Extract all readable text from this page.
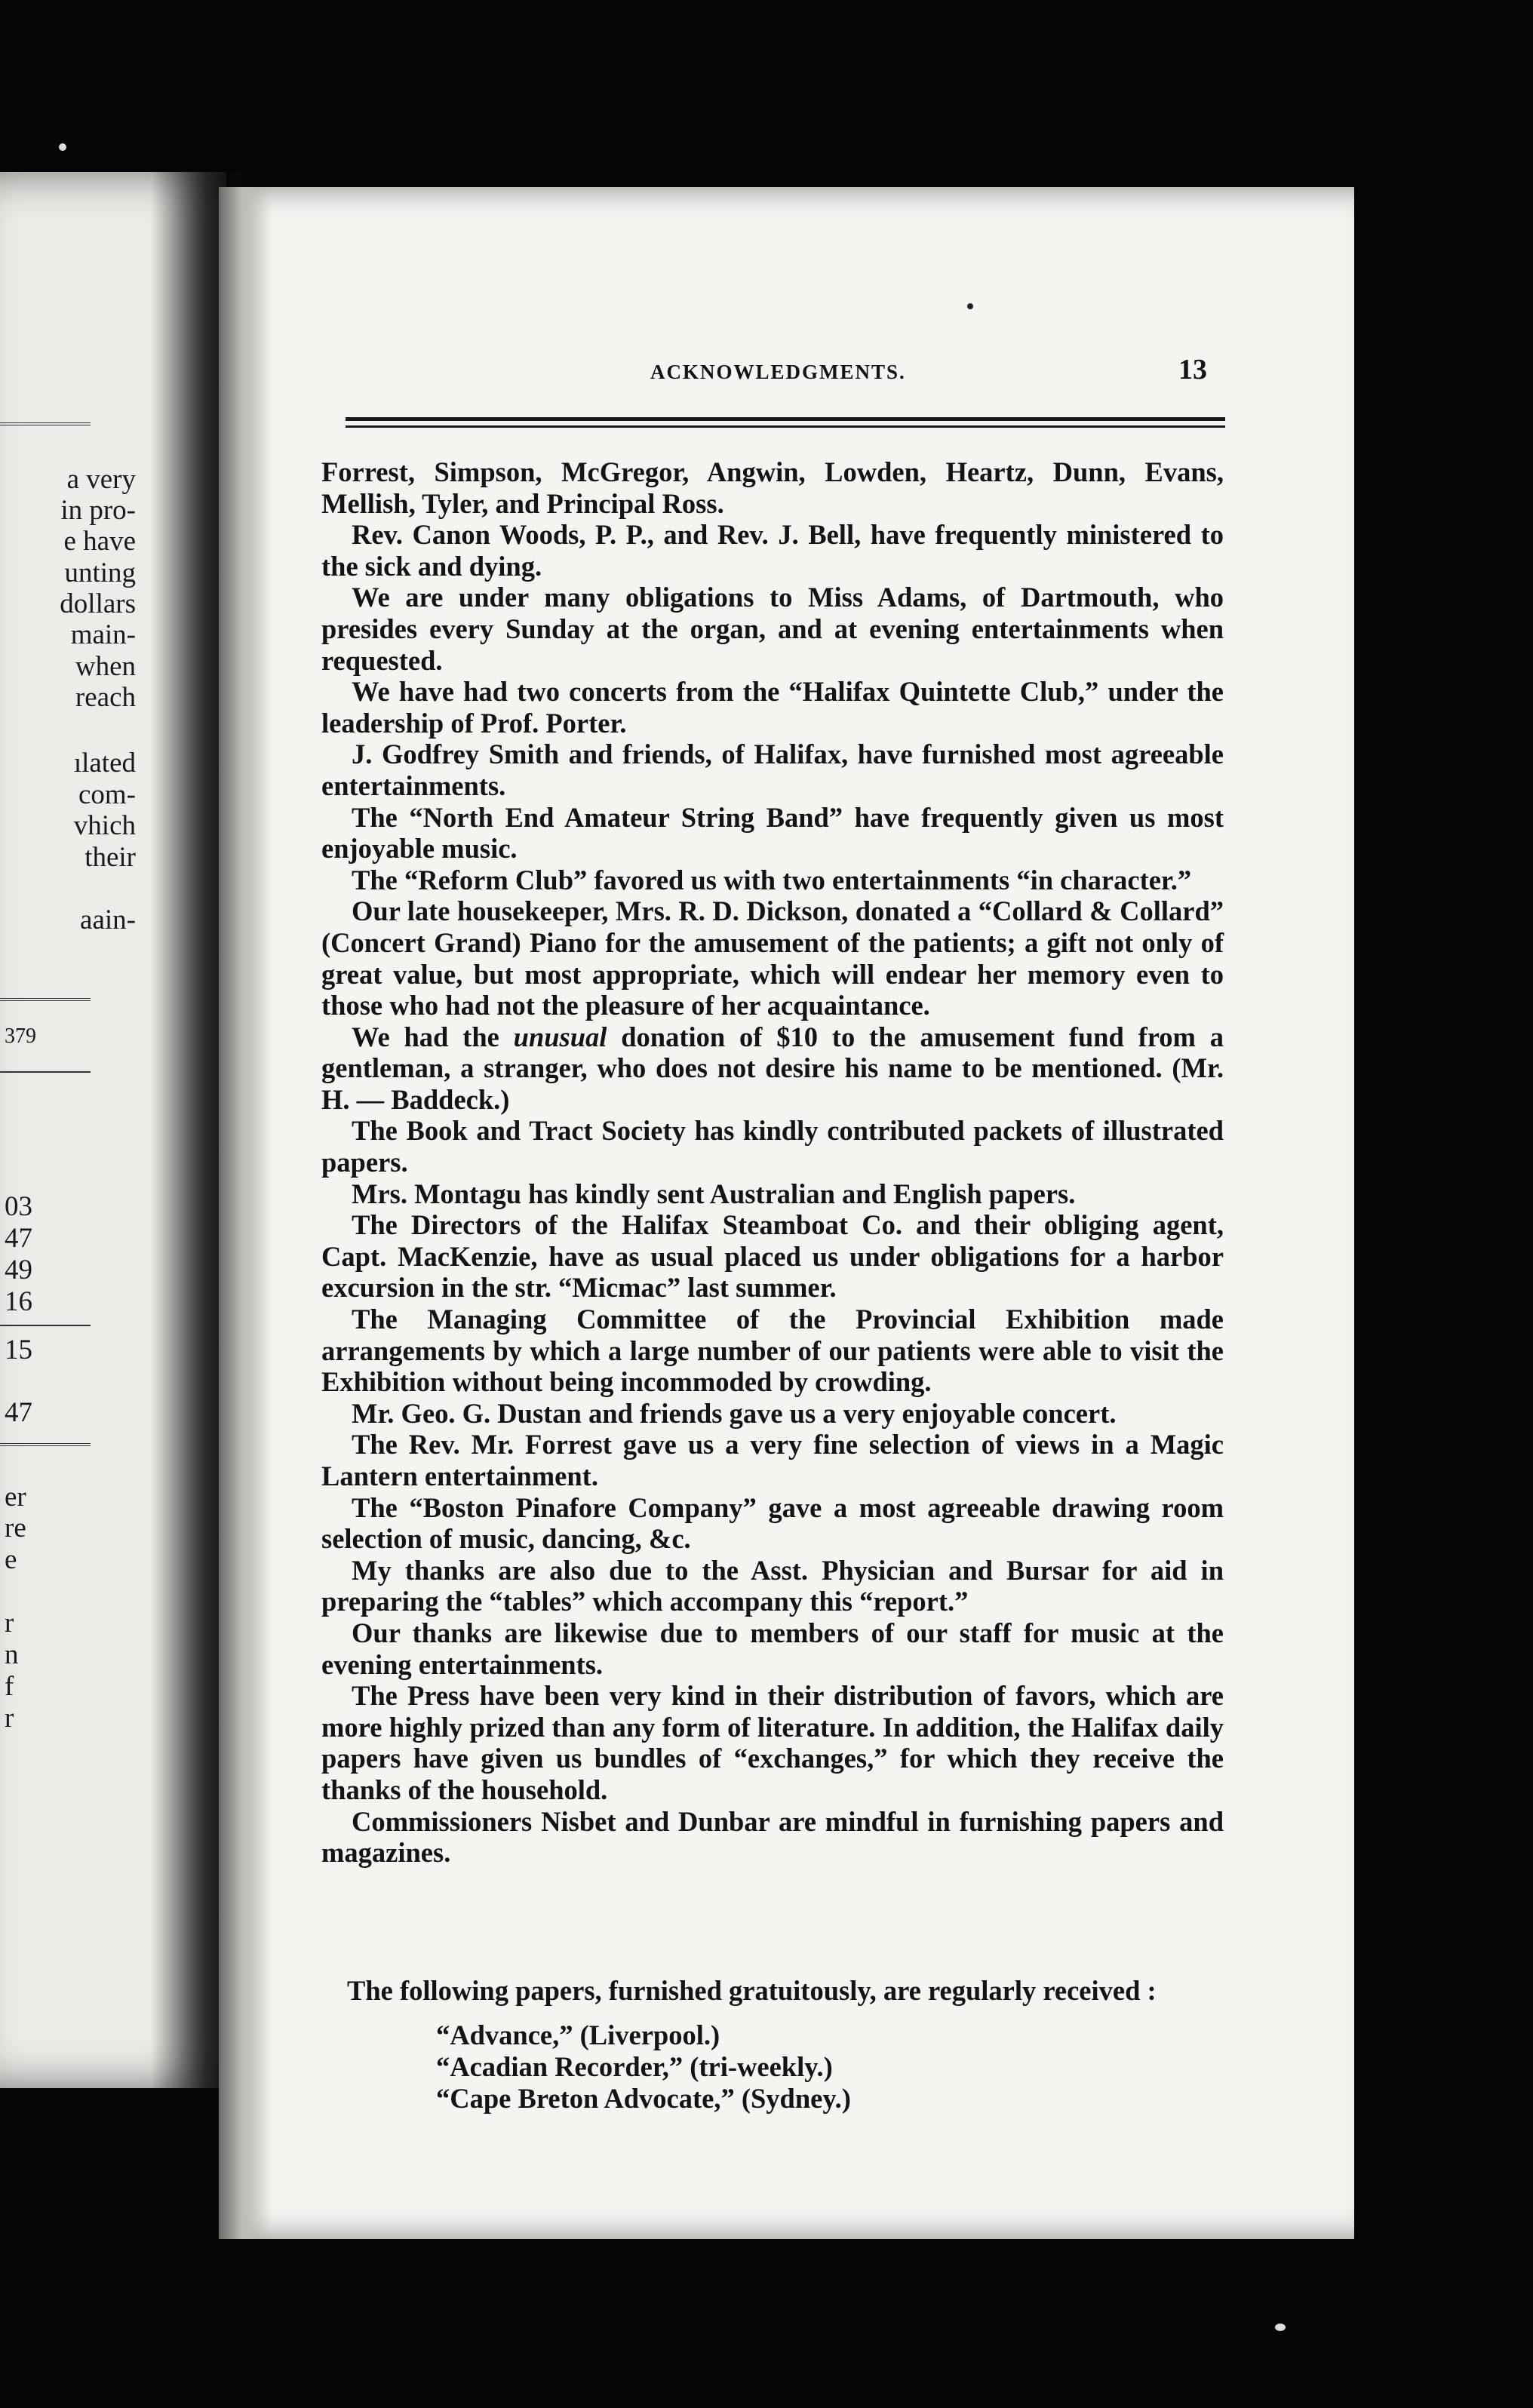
a very
in pro-
e have
unting
dollars
main-
when
reach
ılated
com-
vhich
their
aain-
379
03
47
49
16
15
47
er
re
e
r
n
f
r
ACKNOWLEDGMENTS.	13

Forrest, Simpson, McGregor, Angwin, Lowden, Heartz, Dunn, Evans, Mellish, Tyler, and Principal Ross.

Rev. Canon Woods, P. P., and Rev. J. Bell, have frequently ministered to the sick and dying.

We are under many obligations to Miss Adams, of Dartmouth, who presides every Sunday at the organ, and at evening entertainments when requested.

We have had two concerts from the “Halifax Quintette Club,” under the leadership of Prof. Porter.

J. Godfrey Smith and friends, of Halifax, have furnished most agreeable entertainments.

The “North End Amateur String Band” have frequently given us most enjoyable music.

The “Reform Club” favored us with two entertainments “in character.”

Our late housekeeper, Mrs. R. D. Dickson, donated a “Collard & Collard” (Concert Grand) Piano for the amusement of the patients; a gift not only of great value, but most appropriate, which will endear her memory even to those who had not the pleasure of her acquaintance.

We had the unusual donation of $10 to the amusement fund from a gentleman, a stranger, who does not desire his name to be mentioned. (Mr. H. — Baddeck.)

The Book and Tract Society has kindly contributed packets of illustrated papers.

Mrs. Montagu has kindly sent Australian and English papers.

The Directors of the Halifax Steamboat Co. and their obliging agent, Capt. MacKenzie, have as usual placed us under obligations for a harbor excursion in the str. “Micmac” last summer.

The Managing Committee of the Provincial Exhibition made arrangements by which a large number of our patients were able to visit the Exhibition without being incommoded by crowding.

Mr. Geo. G. Dustan and friends gave us a very enjoyable concert.

The Rev. Mr. Forrest gave us a very fine selection of views in a Magic Lantern entertainment.

The “Boston Pinafore Company” gave a most agreeable drawing room selection of music, dancing, &c.

My thanks are also due to the Asst. Physician and Bursar for aid in preparing the “tables” which accompany this “report.”

Our thanks are likewise due to members of our staff for music at the evening entertainments.

The Press have been very kind in their distribution of favors, which are more highly prized than any form of literature. In addition, the Halifax daily papers have given us bundles of “exchanges,” for which they receive the thanks of the household.

Commissioners Nisbet and Dunbar are mindful in furnishing papers and magazines.

The following papers, furnished gratuitously, are regularly received :
“Advance,” (Liverpool.)
“Acadian Recorder,” (tri-weekly.)
“Cape Breton Advocate,” (Sydney.)
